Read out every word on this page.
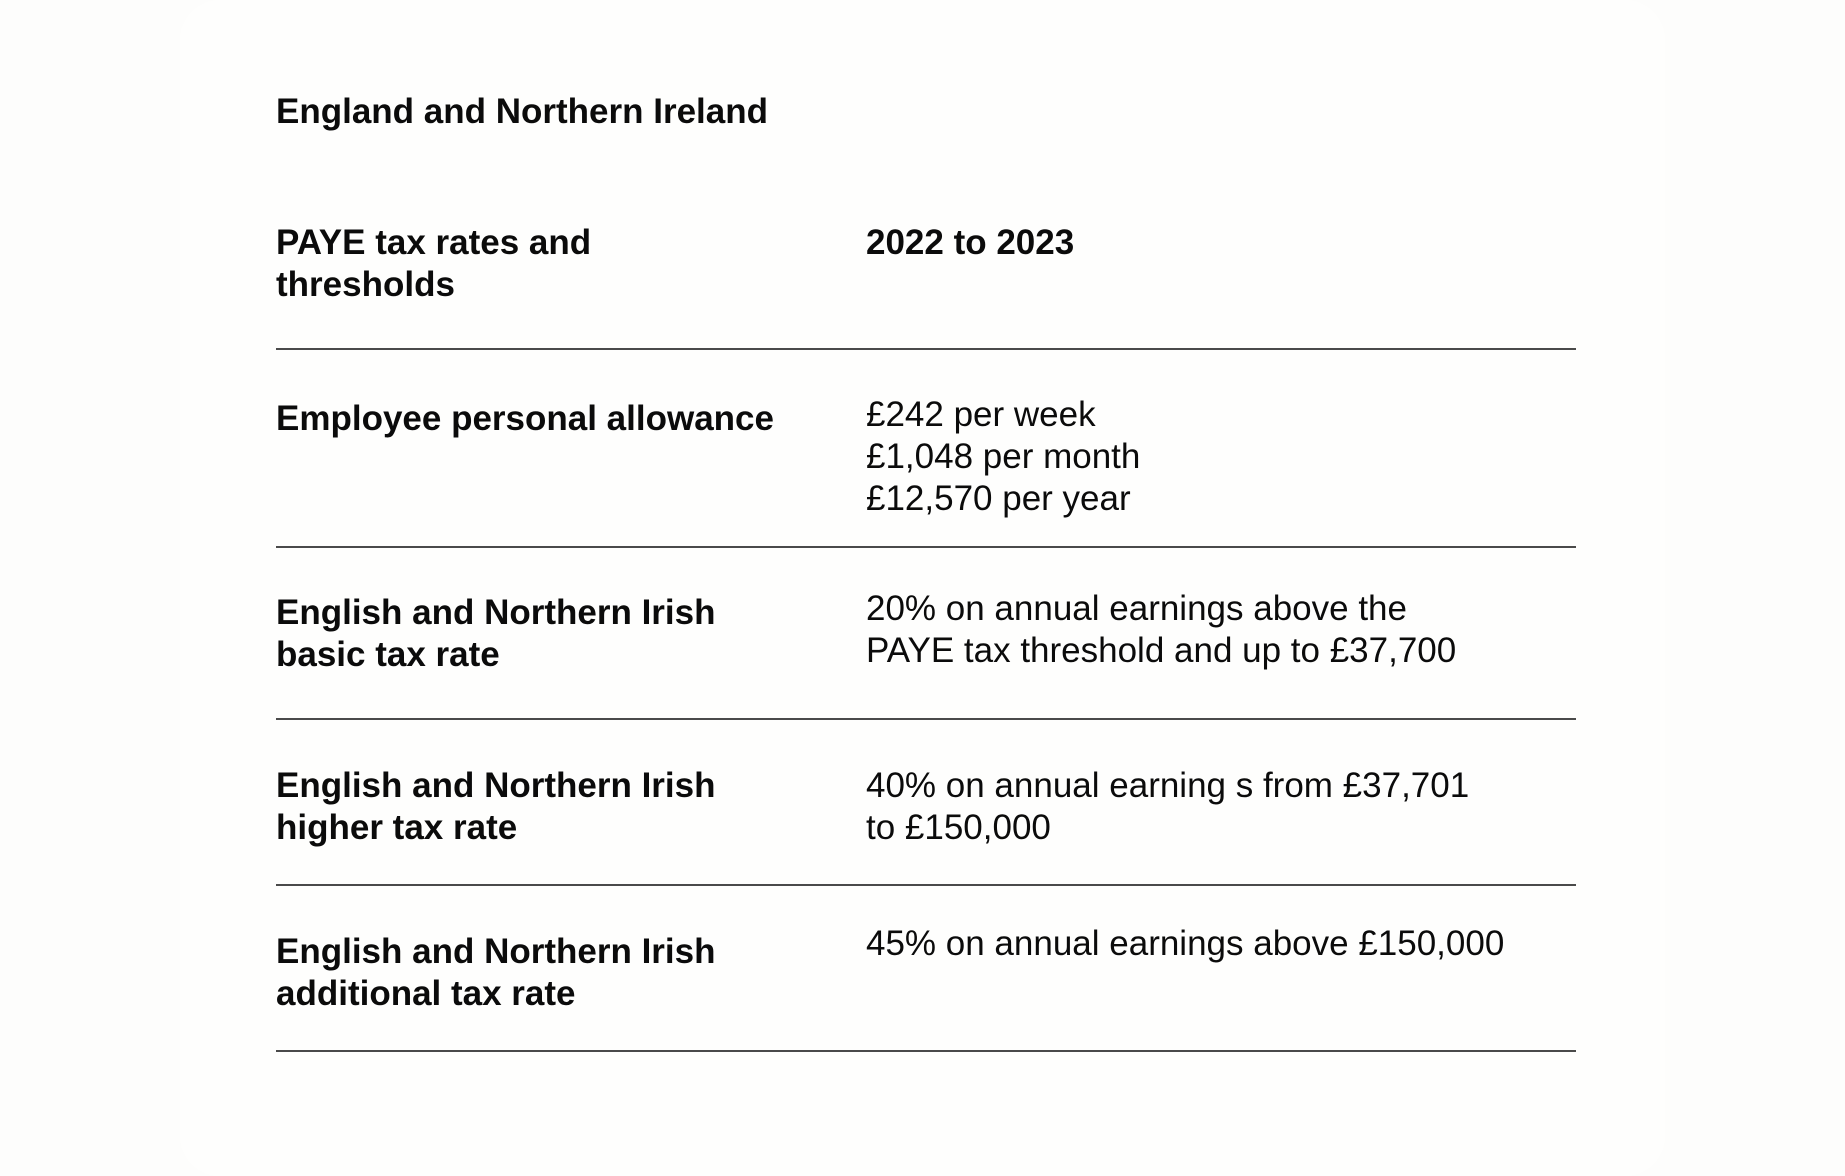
England and Northern Ireland
PAYE tax rates and
thresholds
2022 to 2023
Employee personal allowance	£242 per week
£1,048 per month
£12,570 per year
English and Northern Irish
basic tax rate
20% on annual earnings above the
PAYE tax threshold and up to £37,700
English and Northern Irish
higher tax rate
40% on annual earning s from £37,701
to £150,000
English and Northern Irish
additional tax rate
45% on annual earnings above £150,000
